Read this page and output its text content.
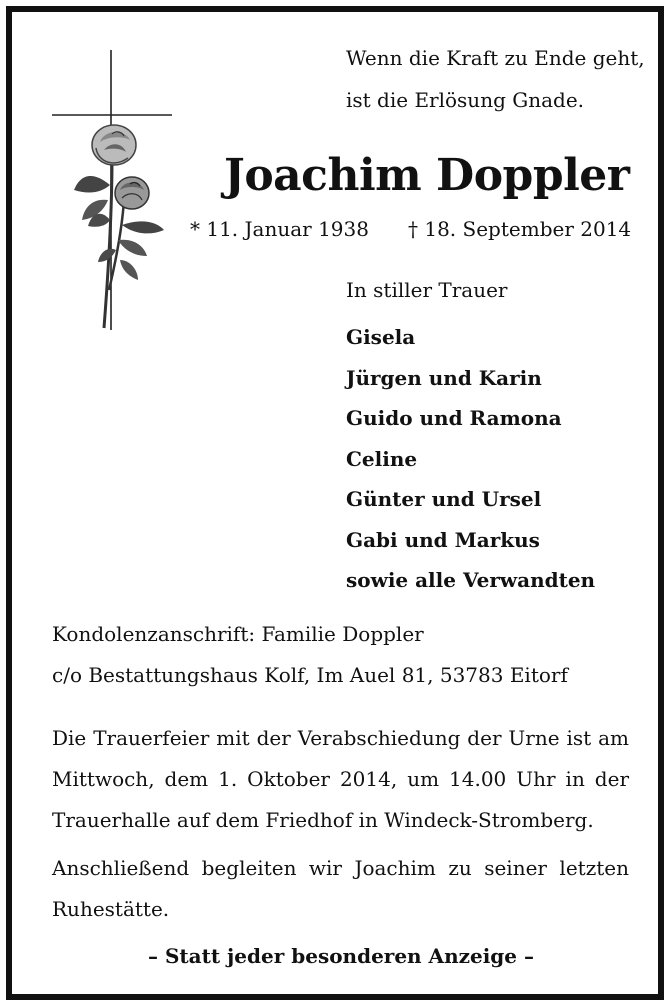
Wenn die Kraft zu Ende geht,
ist die Erlösung Gnade.
Joachim Doppler
* 11. Januar 1938 † 18. September 2014
In stiller Trauer
Gisela
Jürgen und Karin
Guido und Ramona
Celine
Günter und Ursel
Gabi und Markus
sowie alle Verwandten
Kondolenzanschrift: Familie Doppler
c/o Bestattungshaus Kolf, Im Auel 81, 53783 Eitorf
Die Trauerfeier mit der Verabschiedung der Urne ist am Mittwoch, dem 1. Oktober 2014, um 14.00 Uhr in der Trauerhalle auf dem Friedhof in Windeck-Stromberg.
Anschließend begleiten wir Joachim zu seiner letzten Ruhestätte.
– Statt jeder besonderen Anzeige –
